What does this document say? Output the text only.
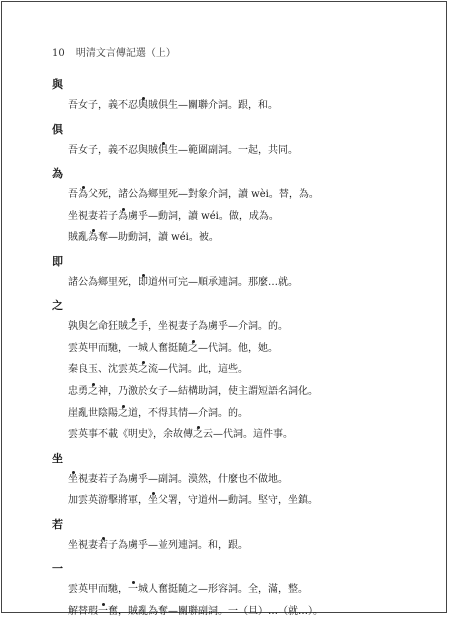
10 明清文言傳記選（上）
與
吾女子，義不忍與賊俱生—關聯介詞。跟，和。
俱
吾女子，義不忍與賊俱生—範圍副詞。一起，共同。
為
吾為父死，諸公為鄉里死—對象介詞，讀 wèi。替，為。
坐視妻若子為虜乎—動詞，讀 wéi。做，成為。
賊亂為奪—助動詞，讀 wéi。被。
即
諸公為鄉里死，即道州可完—順承連詞。那麼…就。
之
孰與乞命狂賊之手，坐視妻子為虜乎—介詞。的。
雲英甲而馳，一城人奮挺隨之—代詞。他，她。
秦良玉、沈雲英之流—代詞。此，這些。
忠勇之神，乃激於女子—結構助詞，使主謂短語名詞化。
崖亂世陰陽之道，不得其情—介詞。的。
雲英事不載《明史》，余故傳之云—代詞。這件事。
坐
坐視妻若子為虜乎—副詞。漠然，什麼也不做地。
加雲英游擊將軍，坐父署，守道州—動詞。堅守，坐鎮。
若
坐視妻若子為虜乎—並列連詞。和，跟。
一
雲英甲而馳，一城人奮挺隨之—形容詞。全，滿，整。
解替瑕一奮，賊亂為奪—關聯副詞。一（旦）…（就…）。
